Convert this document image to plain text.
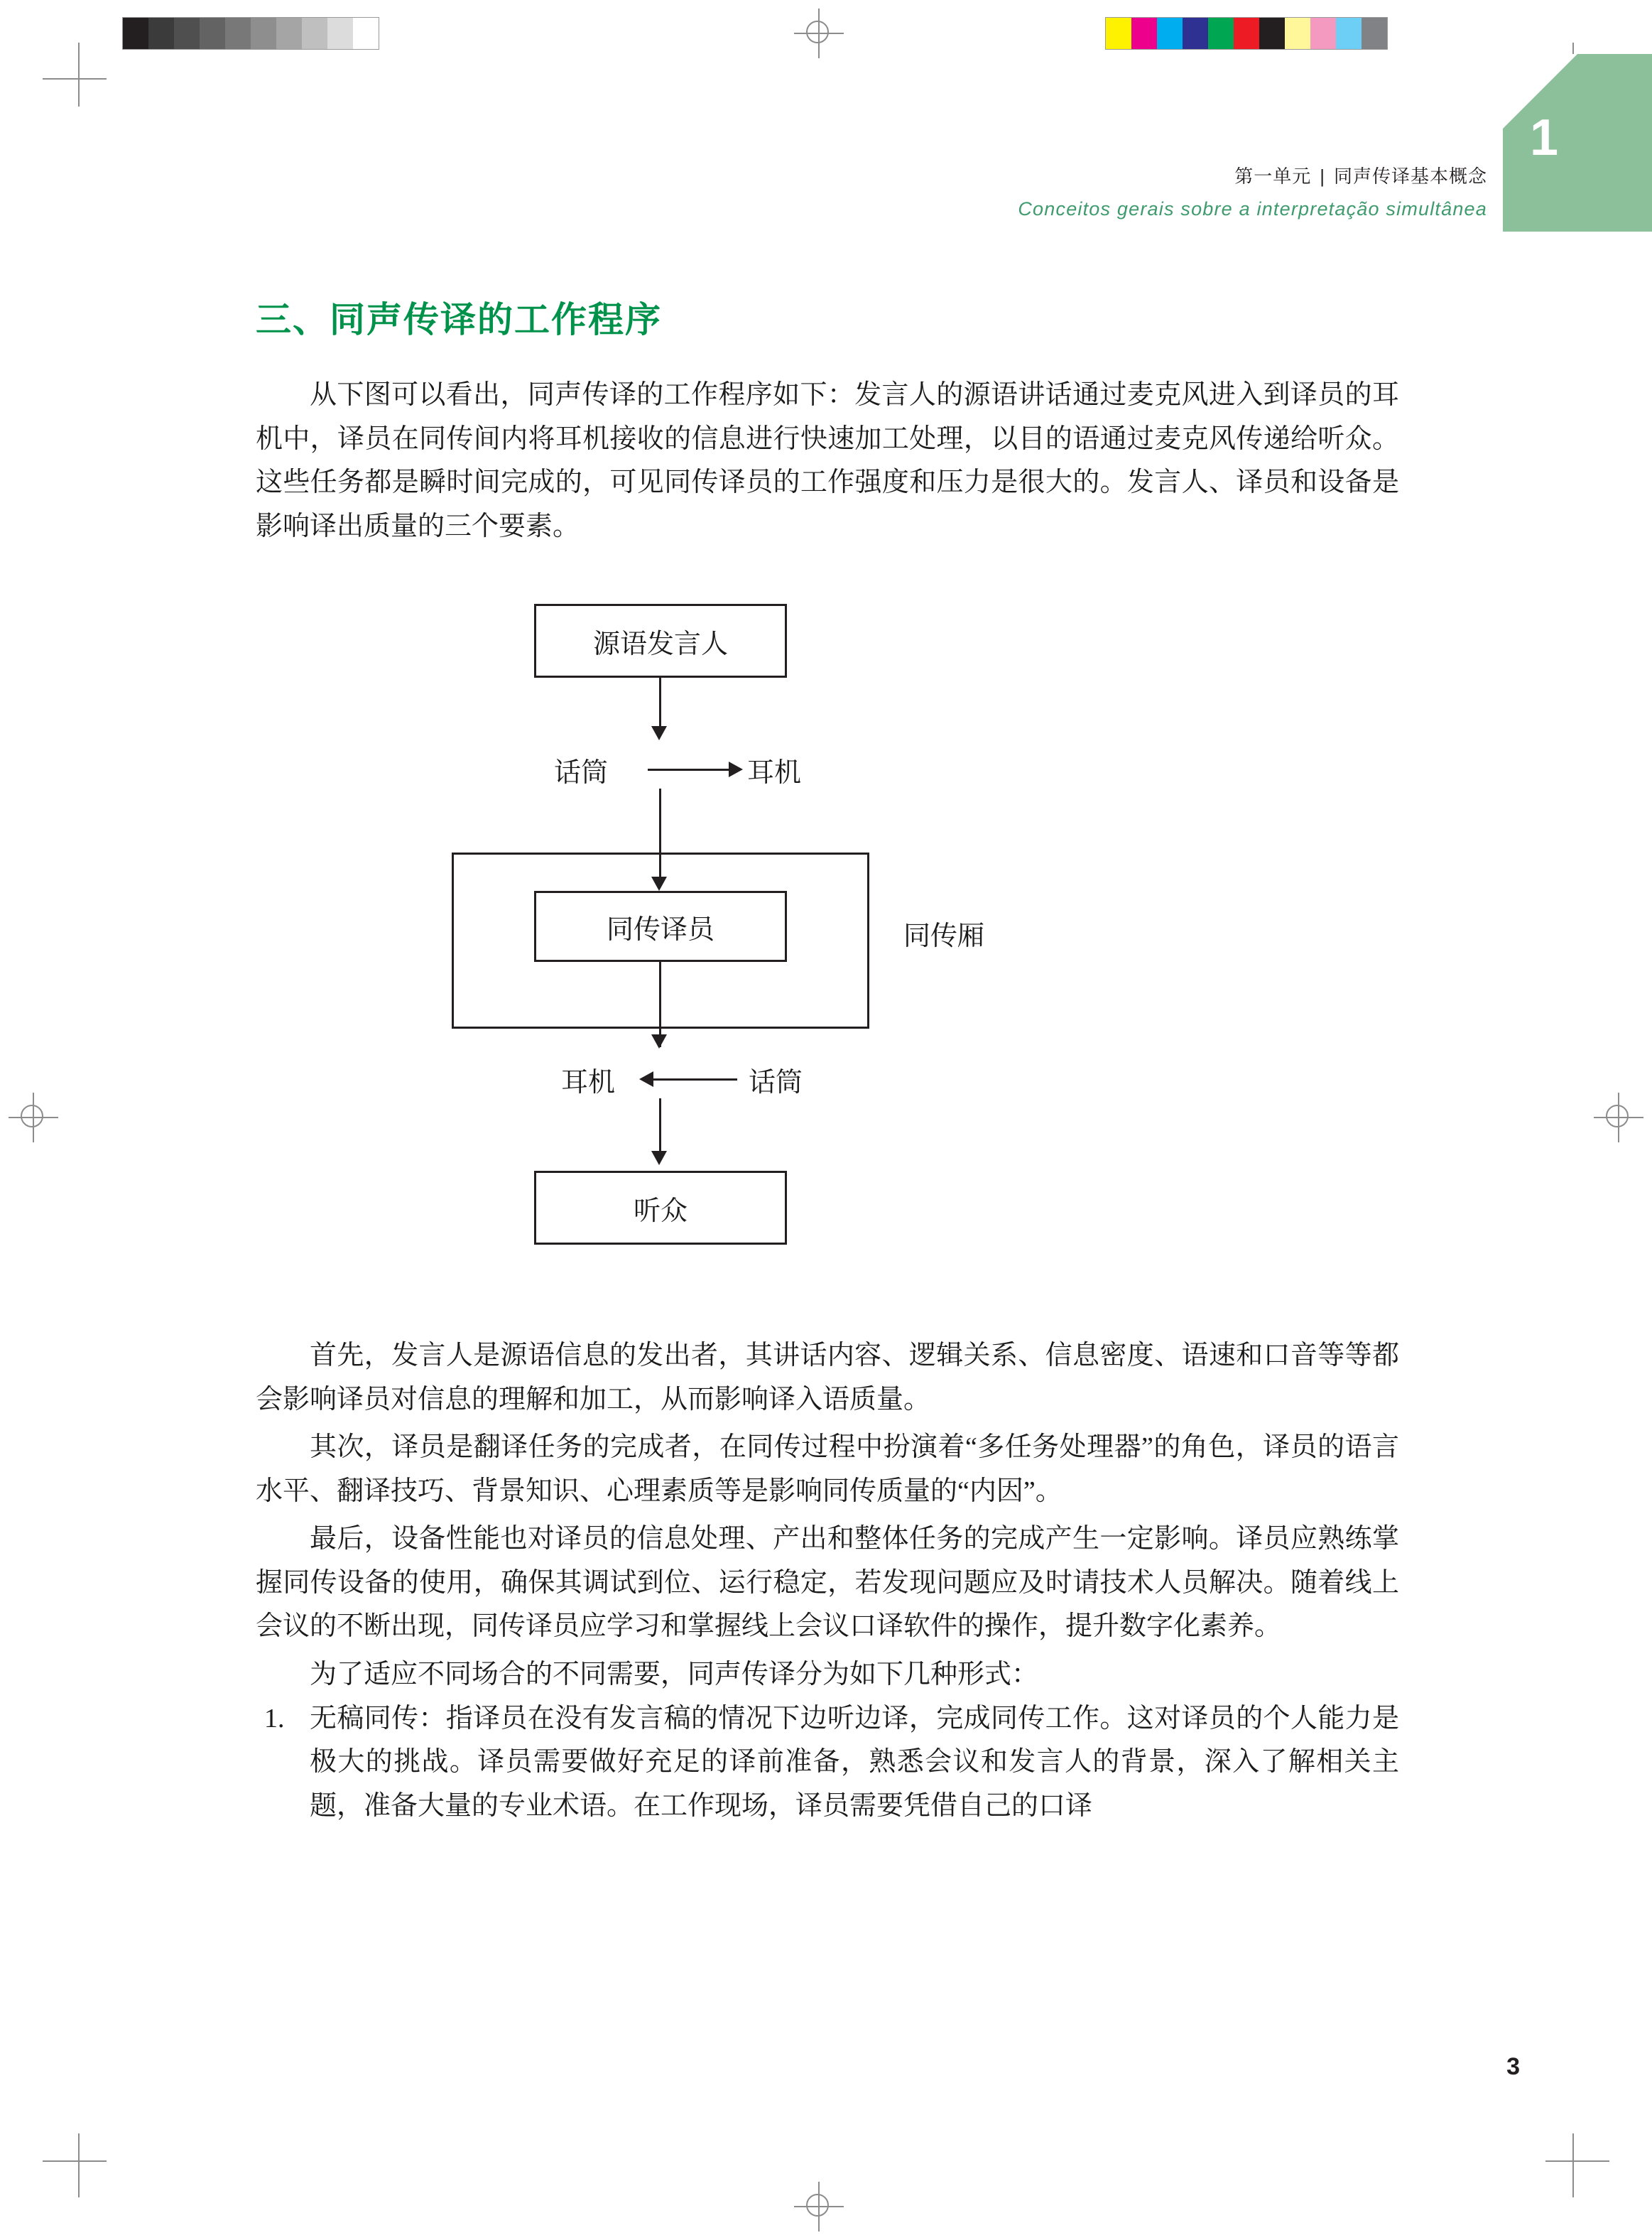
1
第一单元 | 同声传译基本概念
Conceitos gerais sobre a interpretação simultânea
三、同声传译的工作程序

从下图可以看出，同声传译的工作程序如下：发言人的源语讲话通过麦克风进入到译员的耳机中，译员在同传间内将耳机接收的信息进行快速加工处理，以目的语通过麦克风传递给听众。这些任务都是瞬时间完成的，可见同传译员的工作强度和压力是很大的。发言人、译员和设备是影响译出质量的三个要素。

源语发言人
话筒	耳机
同传译员	同传厢
耳机	话筒
听众

首先，发言人是源语信息的发出者，其讲话内容、逻辑关系、信息密度、语速和口音等等都会影响译员对信息的理解和加工，从而影响译入语质量。

其次，译员是翻译任务的完成者，在同传过程中扮演着“多任务处理器”的角色，译员的语言水平、翻译技巧、背景知识、心理素质等是影响同传质量的“内因”。

最后，设备性能也对译员的信息处理、产出和整体任务的完成产生一定影响。译员应熟练掌握同传设备的使用，确保其调试到位、运行稳定，若发现问题应及时请技术人员解决。随着线上会议的不断出现，同传译员应学习和掌握线上会议口译软件的操作，提升数字化素养。

为了适应不同场合的不同需要，同声传译分为如下几种形式：

1. 无稿同传：指译员在没有发言稿的情况下边听边译，完成同传工作。这对译员的个人能力是极大的挑战。译员需要做好充足的译前准备，熟悉会议和发言人的背景，深入了解相关主题，准备大量的专业术语。在工作现场，译员需要凭借自己的口译
3
